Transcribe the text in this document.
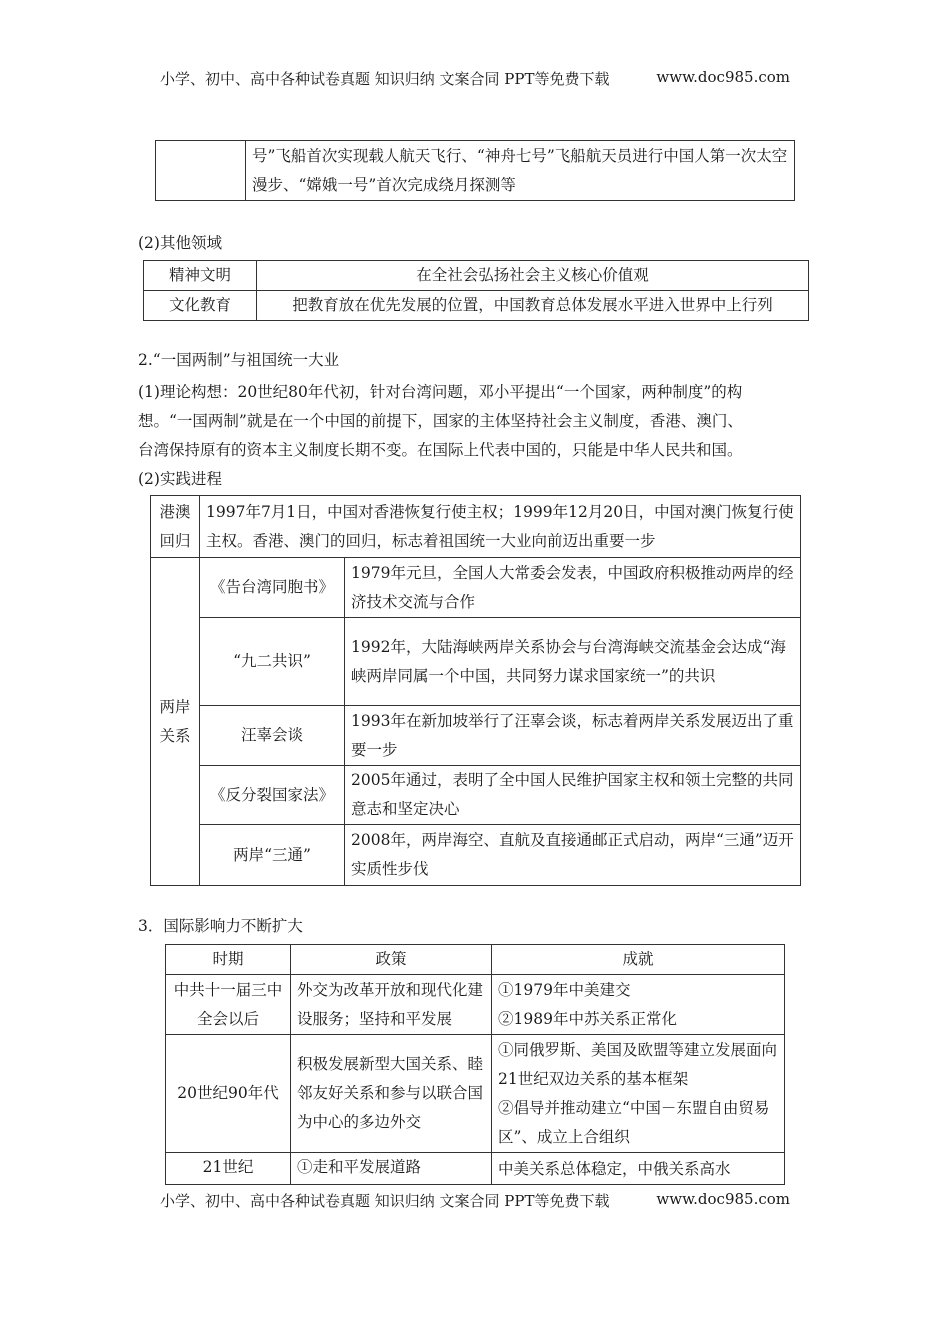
小学、初中、高中各种试卷真题 知识归纳 文案合同 PPT等免费下载	www.doc985.com
	号”飞船首次实现载人航天飞行、“神舟七号”飞船航天员进行中国人第一次太空漫步、“嫦娥一号”首次完成绕月探测等
(2)其他领域
精神文明	在全社会弘扬社会主义核心价值观
文化教育	把教育放在优先发展的位置，中国教育总体发展水平进入世界中上行列
2.“一国两制”与祖国统一大业
(1)理论构想：20世纪80年代初，针对台湾问题，邓小平提出“一个国家，两种制度”的构
想。“一国两制”就是在一个中国的前提下，国家的主体坚持社会主义制度，香港、澳门、
台湾保持原有的资本主义制度长期不变。在国际上代表中国的，只能是中华人民共和国。
(2)实践进程
港澳回归	1997年7月1日，中国对香港恢复行使主权；1999年12月20日，中国对澳门恢复行使主权。香港、澳门的回归，标志着祖国统一大业向前迈出重要一步	
两岸关系	《告台湾同胞书》	1979年元旦，全国人大常委会发表，中国政府积极推动两岸的经济技术交流与合作
	“九二共识”	1992年，大陆海峡两岸关系协会与台湾海峡交流基金会达成“海峡两岸同属一个中国，共同努力谋求国家统一”的共识
	汪辜会谈	1993年在新加坡举行了汪辜会谈，标志着两岸关系发展迈出了重要一步
	《反分裂国家法》	2005年通过，表明了全中国人民维护国家主权和领土完整的共同意志和坚定决心
	两岸“三通”	2008年，两岸海空、直航及直接通邮正式启动，两岸“三通”迈开实质性步伐
3．国际影响力不断扩大
时期	政策	成就
中共十一届三中全会以后	外交为改革开放和现代化建设服务；坚持和平发展	①1979年中美建交
②1989年中苏关系正常化

20世纪90年代	积极发展新型大国关系、睦邻友好关系和参与以联合国为中心的多边外交	①同俄罗斯、美国及欧盟等建立发展面向21世纪双边关系的基本框架
②倡导并推动建立“中国－东盟自由贸易区”、成立上合组织

21世纪	①走和平发展道路	中美关系总体稳定，中俄关系高水
小学、初中、高中各种试卷真题 知识归纳 文案合同 PPT等免费下载	www.doc985.com
